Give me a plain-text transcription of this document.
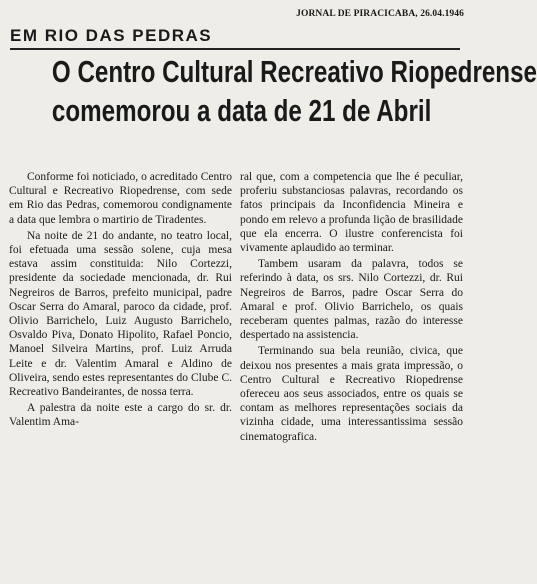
JORNAL DE PIRACICABA, 26.04.1946
EM RIO DAS PEDRAS
O Centro Cultural Recreativo Riopedrense
comemorou a data de 21 de Abril

Conforme foi noticiado, o acreditado Centro Cultural e Recreativo Riopedrense, com sede em Rio das Pedras, comemorou condignamente a data que lembra o martirio de Tiradentes.

Na noite de 21 do andante, no teatro local, foi efetuada uma sessão solene, cuja mesa estava assim constituida: Nilo Cortezzi, presidente da sociedade mencionada, dr. Rui Negreiros de Barros, prefeito municipal, padre Oscar Serra do Amaral, paroco da cidade, prof. Olivio Barrichelo, Luiz Augusto Barrichelo, Osvaldo Piva, Donato Hipolito, Rafael Poncio, Manoel Silveira Martins, prof. Luiz Arruda Leite e dr. Valentim Amaral e Aldino de Oliveira, sendo estes representantes do Clube C. Recreativo Bandeirantes, de nossa terra.

A palestra da noite este a cargo do sr. dr. Valentim Ama-

ral que, com a competencia que lhe é peculiar, proferiu substanciosas palavras, recordando os fatos principais da Inconfidencia Mineira e pondo em relevo a profunda lição de brasilidade que ela encerra. O ilustre conferencista foi vivamente aplaudido ao terminar.

Tambem usaram da palavra, todos se referindo à data, os srs. Nilo Cortezzi, dr. Rui Negreiros de Barros, padre Oscar Serra do Amaral e prof. Olivio Barrichelo, os quais receberam quentes palmas, razão do interesse despertado na assistencia.

Terminando sua bela reunião, civica, que deixou nos presentes a mais grata impressão, o Centro Cultural e Recreativo Riopedrense ofereceu aos seus associados, entre os quais se contam as melhores representações sociais da vizinha cidade, uma interessantissima sessão cinematografica.
